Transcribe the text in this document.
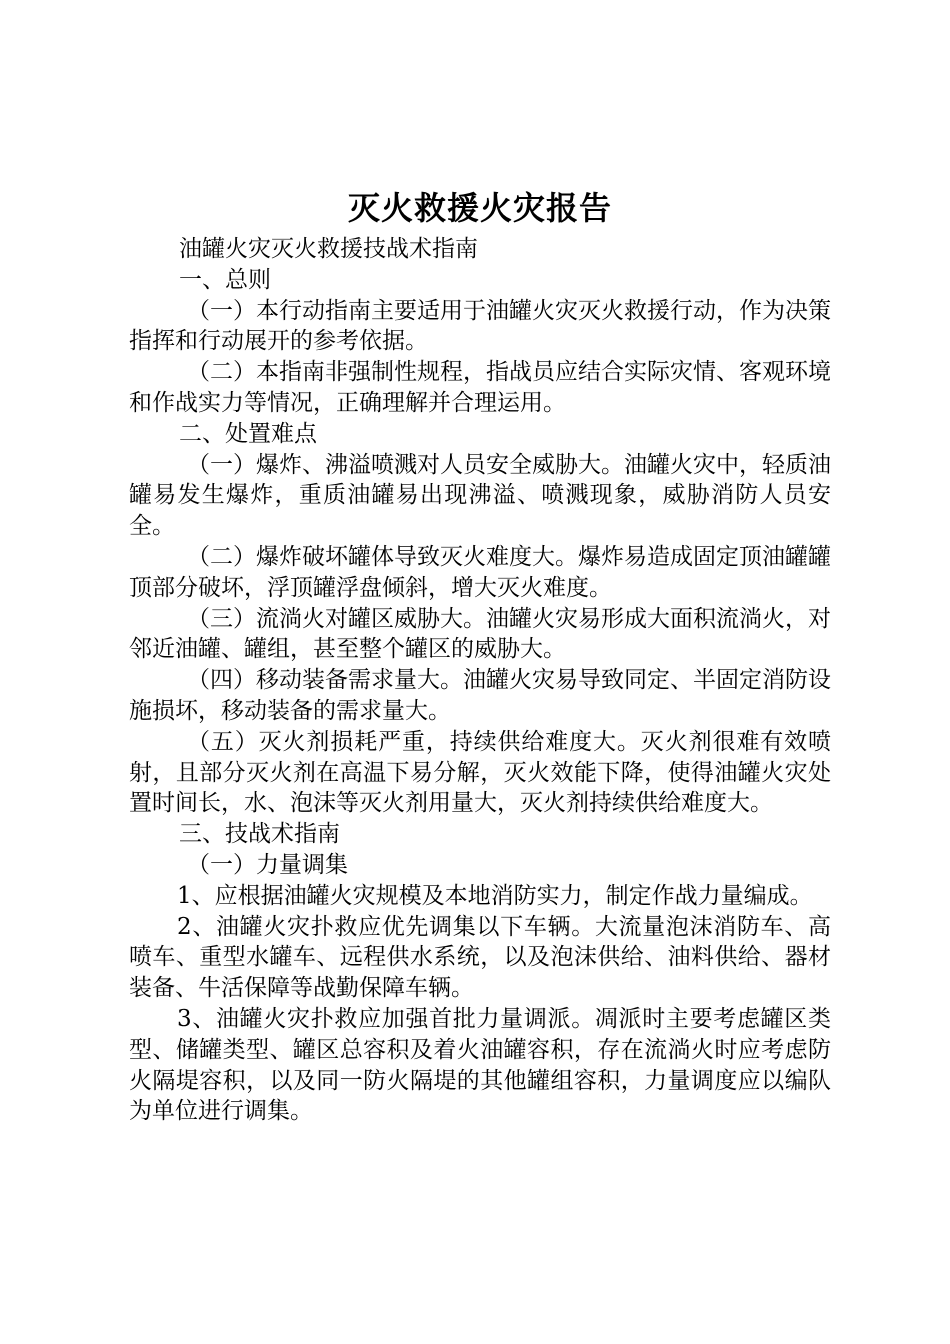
灭火救援火灾报告

油罐火灾灭火救援技战术指南

一、总则

（一）本行动指南主要适用于油罐火灾灭火救援行动，作为决策指挥和行动展开的参考依据。

（二）本指南非强制性规程，指战员应结合实际灾情、客观环境和作战实力等情况，正确理解并合理运用。

二、处置难点

（一）爆炸、沸溢喷溅对人员安全威胁大。油罐火灾中，轻质油罐易发生爆炸，重质油罐易出现沸溢、喷溅现象，威胁消防人员安全。

（二）爆炸破坏罐体导致灭火难度大。爆炸易造成固定顶油罐罐顶部分破坏，浮顶罐浮盘倾斜，增大灭火难度。

（三）流淌火对罐区威胁大。油罐火灾易形成大面积流淌火，对邻近油罐、罐组，甚至整个罐区的威胁大。

（四）移动装备需求量大。油罐火灾易导致同定、半固定消防设施损坏，移动装备的需求量大。

（五）灭火剂损耗严重，持续供给难度大。灭火剂很难有效喷射，且部分灭火剂在高温下易分解，灭火效能下降，使得油罐火灾处置时间长，水、泡沫等灭火剂用量大，灭火剂持续供给难度大。

三、技战术指南

（一）力量调集

1、应根据油罐火灾规模及本地消防实力，制定作战力量编成。

2、油罐火灾扑救应优先调集以下车辆。大流量泡沫消防车、高喷车、重型水罐车、远程供水系统，以及泡沫供给、油料供给、器材装备、牛活保障等战勤保障车辆。

3、油罐火灾扑救应加强首批力量调派。凋派时主要考虑罐区类型、储罐类型、罐区总容积及着火油罐容积，存在流淌火时应考虑防火隔堤容积，以及同一防火隔堤的其他罐组容积，力量调度应以编队为单位进行调集。
